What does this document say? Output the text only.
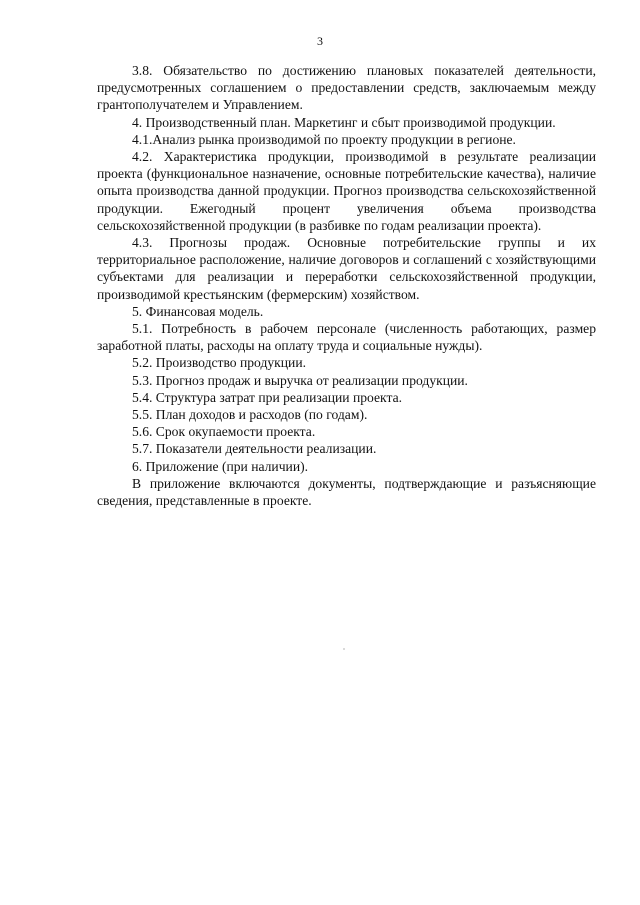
3

3.8. Обязательство по достижению плановых показателей деятельности, предусмотренных соглашением о предоставлении средств, заключаемым между грантополучателем и Управлением.

4. Производственный план. Маркетинг и сбыт производимой продукции.

4.1.Анализ рынка производимой по проекту продукции в регионе.

4.2. Характеристика продукции, производимой в результате реализации проекта (функциональное назначение, основные потребительские качества), наличие опыта производства данной продукции. Прогноз производства сельскохозяйственной продукции. Ежегодный процент увеличения объема производства сельскохозяйственной продукции (в разбивке по годам реализации проекта).

4.3. Прогнозы продаж. Основные потребительские группы и их территориальное расположение, наличие договоров и соглашений с хозяйствующими субъектами для реализации и переработки сельскохозяйственной продукции, производимой крестьянским (фермерским) хозяйством.

5. Финансовая модель.

5.1. Потребность в рабочем персонале (численность работающих, размер заработной платы, расходы на оплату труда и социальные нужды).

5.2. Производство продукции.

5.3. Прогноз продаж и выручка от реализации продукции.

5.4. Структура затрат при реализации проекта.

5.5. План доходов и расходов (по годам).

5.6. Срок окупаемости проекта.

5.7. Показатели деятельности реализации.

6. Приложение (при наличии).

В приложение включаются документы, подтверждающие и разъясняющие сведения, представленные в проекте.
